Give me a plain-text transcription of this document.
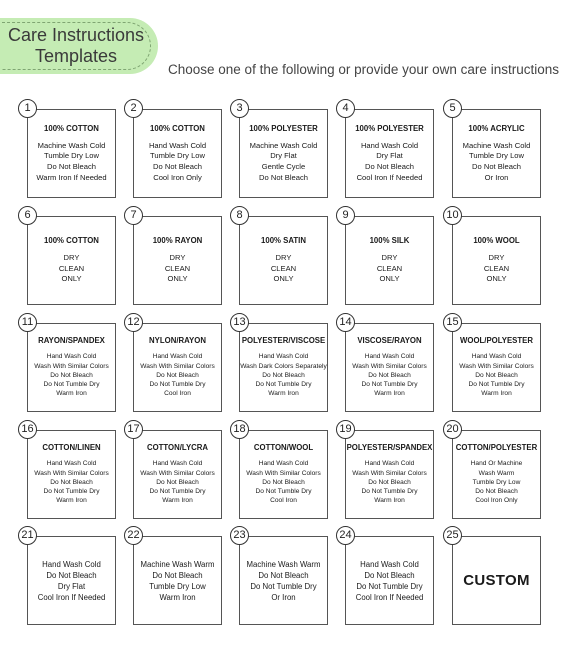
Care Instructions
Templates
Choose one of the following or provide your own care instructions
1
100% COTTON
Machine Wash Cold
Tumble Dry Low
Do Not Bleach
Warm Iron If Needed
2
100% COTTON
Hand Wash Cold
Tumble Dry Low
Do Not Bleach
Cool Iron Only
3
100% POLYESTER
Machine Wash Cold
Dry Flat
Gentle Cycle
Do Not Bleach
4
100% POLYESTER
Hand Wash Cold
Dry Flat
Do Not Bleach
Cool Iron If Needed
5
100% ACRYLIC
Machine Wash Cold
Tumble Dry Low
Do Not Bleach
Or Iron
6
100% COTTON
DRY
CLEAN
ONLY
7
100% RAYON
DRY
CLEAN
ONLY
8
100% SATIN
DRY
CLEAN
ONLY
9
100% SILK
DRY
CLEAN
ONLY
10
100% WOOL
DRY
CLEAN
ONLY
11
RAYON/SPANDEX
Hand Wash Cold
Wash With Similar Colors
Do Not Bleach
Do Not Tumble Dry
Warm Iron
12
NYLON/RAYON
Hand Wash Cold
Wash With Similar Colors
Do Not Bleach
Do Not Tumble Dry
Cool Iron
13
POLYESTER/VISCOSE
Hand Wash Cold
Wash Dark Colors Separately
Do Not Bleach
Do Not Tumble Dry
Warm Iron
14
VISCOSE/RAYON
Hand Wash Cold
Wash With Similar Colors
Do Not Bleach
Do Not Tumble Dry
Warm Iron
15
WOOL/POLYESTER
Hand Wash Cold
Wash With Similar Colors
Do Not Bleach
Do Not Tumble Dry
Warm Iron
16
COTTON/LINEN
Hand Wash Cold
Wash With Similar Colors
Do Not Bleach
Do Not Tumble Dry
Warm Iron
17
COTTON/LYCRA
Hand Wash Cold
Wash With Similar Colors
Do Not Bleach
Do Not Tumble Dry
Warm Iron
18
COTTON/WOOL
Hand Wash Cold
Wash With Similar Colors
Do Not Bleach
Do Not Tumble Dry
Cool Iron
19
POLYESTER/SPANDEX
Hand Wash Cold
Wash With Similar Colors
Do Not Bleach
Do Not Tumble Dry
Warm Iron
20
COTTON/POLYESTER
Hand Or Machine
Wash Warm
Tumble Dry Low
Do Not Bleach
Cool Iron Only
21
Hand Wash Cold
Do Not Bleach
Dry Flat
Cool Iron If Needed
22
Machine Wash Warm
Do Not Bleach
Tumble Dry Low
Warm Iron
23
Machine Wash Warm
Do Not Bleach
Do Not Tumble Dry
Or Iron
24
Hand Wash Cold
Do Not Bleach
Do Not Tumble Dry
Cool Iron If Needed
25
CUSTOM
